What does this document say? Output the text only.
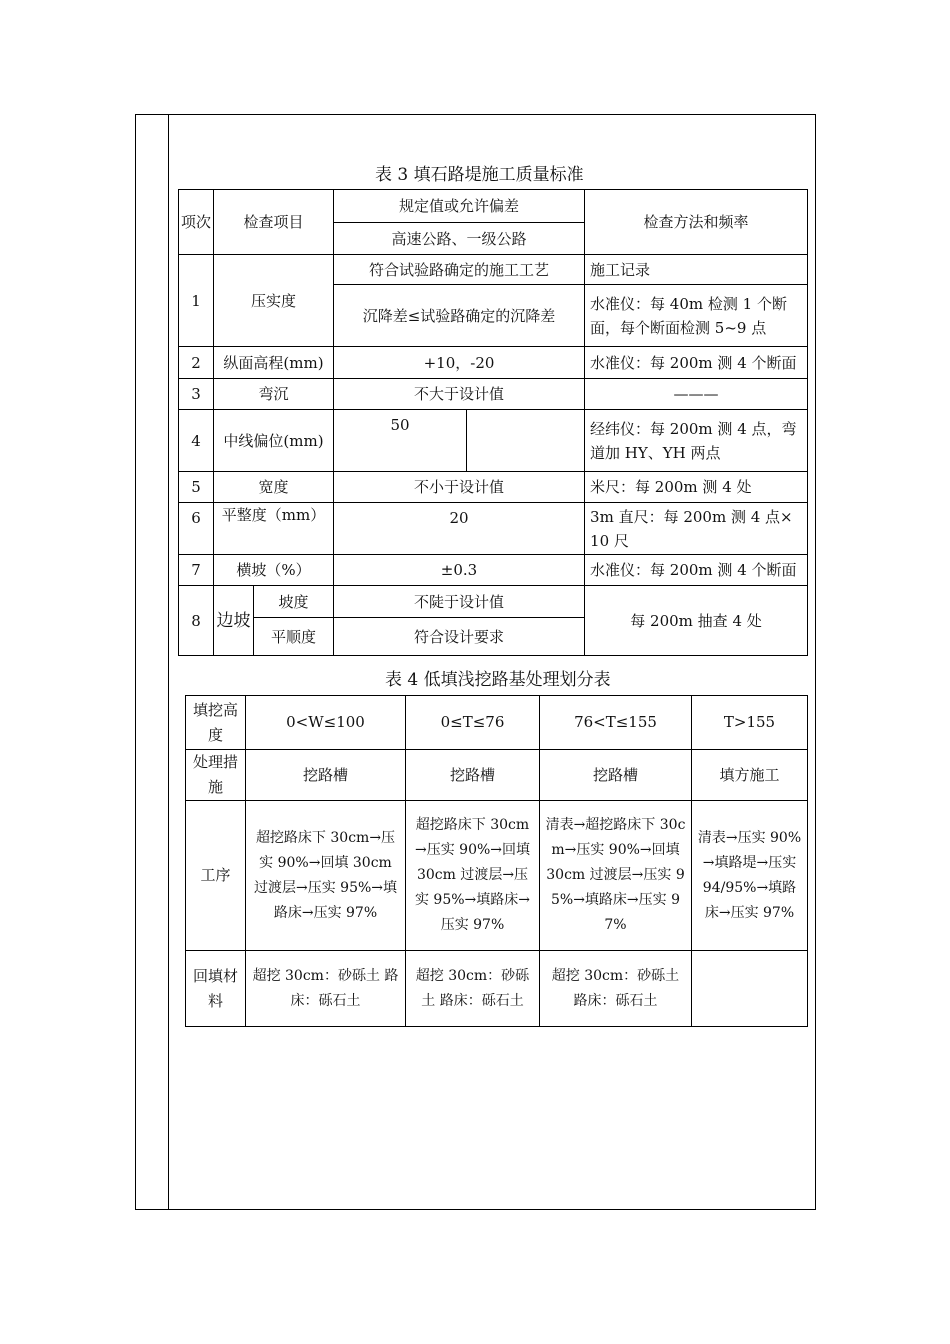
表 3 填石路堤施工质量标准
项次	检查项目		规定值或允许偏差		检查方法和频率
			高速公路、一级公路		
1	压实度		符合试验路确定的施工工艺		施工记录
			沉降差≤试验路确定的沉降差		水准仪：每 40m 检测 1 个断面，每个断面检测 5~9 点
2	纵面高程(mm)		+10，-20		水准仪：每 200m 测 4 个断面
3	弯沉		不大于设计值		———
4	中线偏位(mm)		50		经纬仪：每 200m 测 4 点，弯道加 HY、YH 两点
5	宽度		不小于设计值		米尺：每 200m 测 4 处
6	平整度（mm）		20		3m 直尺：每 200m 测 4 点×10 尺
7	横坡（%）		±0.3		水准仪：每 200m 测 4 个断面
8	边坡	坡度	不陡于设计值		每 200m 抽查 4 处
		平顺度	符合设计要求		
表 4 低填浅挖路基处理划分表
填挖高度	0<W≤100	0≤T≤76	76<T≤155	T>155
处理措施	挖路槽	挖路槽	挖路槽	填方施工
工序	超挖路床下 30cm→压实 90%→回填 30cm 过渡层→压实 95%→填路床→压实 97%	超挖路床下 30cm→压实 90%→回填 30cm 过渡层→压实 95%→填路床→压实 97%	清表→超挖路床下 30cm→压实 90%→回填 30cm 过渡层→压实 95%→填路床→压实 97%	清表→压实 90%→填路堤→压实 94/95%→填路床→压实 97%
回填材料	超挖 30cm：砂砾土 路床：砾石土	超挖 30cm：砂砾土 路床：砾石土	超挖 30cm：砂砾土 路床：砾石土	
